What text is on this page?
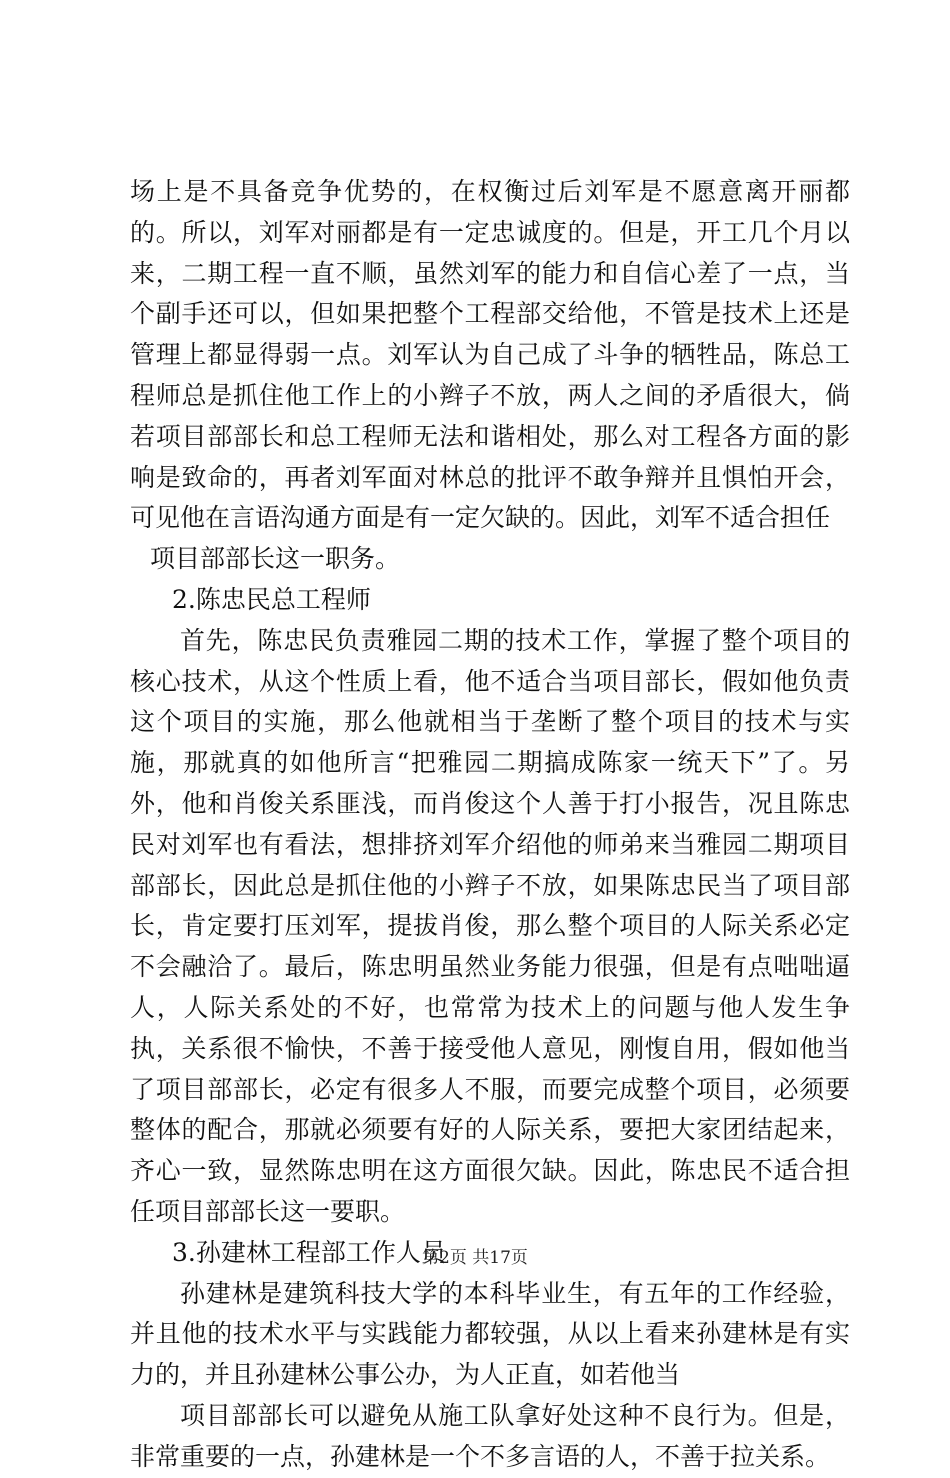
场上是不具备竞争优势的，在权衡过后刘军是不愿意离开丽都的。所以，刘军对丽都是有一定忠诚度的。但是，开工几个月以来，二期工程一直不顺，虽然刘军的能力和自信心差了一点，当个副手还可以，但如果把整个工程部交给他，不管是技术上还是管理上都显得弱一点。刘军认为自己成了斗争的牺牲品，陈总工程师总是抓住他工作上的小辫子不放，两人之间的矛盾很大，倘若项目部部长和总工程师无法和谐相处，那么对工程各方面的影响是致命的，再者刘军面对林总的批评不敢争辩并且惧怕开会，可见他在言语沟通方面是有一定欠缺的。因此，刘军不适合担任

项目部部长这一职务。

2.陈忠民总工程师

首先，陈忠民负责雅园二期的技术工作，掌握了整个项目的核心技术，从这个性质上看，他不适合当项目部长，假如他负责这个项目的实施，那么他就相当于垄断了整个项目的技术与实施，那就真的如他所言“把雅园二期搞成陈家一统天下”了。另外，他和肖俊关系匪浅，而肖俊这个人善于打小报告，况且陈忠民对刘军也有看法，想排挤刘军介绍他的师弟来当雅园二期项目部部长，因此总是抓住他的小辫子不放，如果陈忠民当了项目部长，肯定要打压刘军，提拔肖俊，那么整个项目的人际关系必定不会融洽了。最后，陈忠明虽然业务能力很强，但是有点咄咄逼人，人际关系处的不好，也常常为技术上的问题与他人发生争执，关系很不愉快，不善于接受他人意见，刚愎自用，假如他当了项目部部长，必定有很多人不服，而要完成整个项目，必须要整体的配合，那就必须要有好的人际关系，要把大家团结起来，齐心一致，显然陈忠明在这方面很欠缺。因此，陈忠民不适合担任项目部部长这一要职。

3.孙建林工程部工作人员

孙建林是建筑科技大学的本科毕业生，有五年的工作经验，并且他的技术水平与实践能力都较强，从以上看来孙建林是有实力的，并且孙建林公事公办，为人正直，如若他当

项目部部长可以避免从施工队拿好处这种不良行为。但是，非常重要的一点，孙建林是一个不多言语的人，不善于拉关系。

第2页 共17页
